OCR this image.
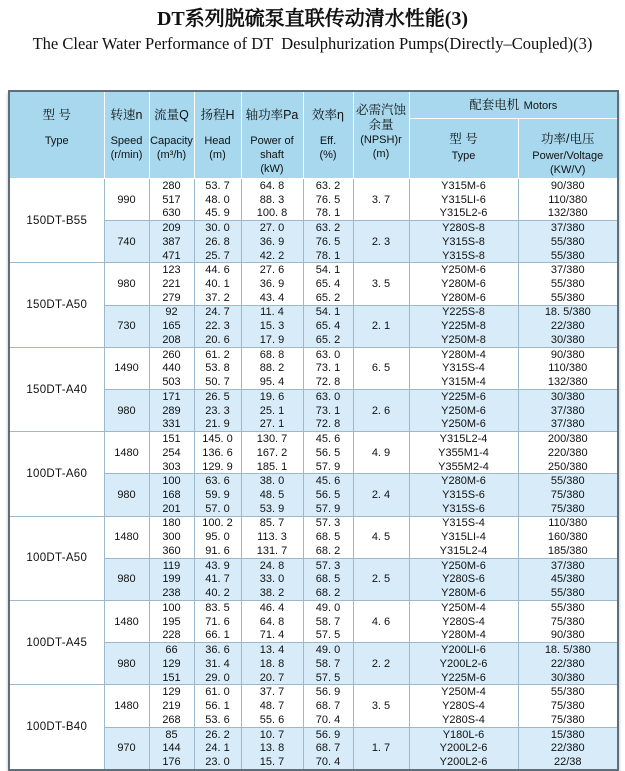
DT系列脱硫泵直联传动清水性能(3)
The Clear Water Performance of DT  Desulphurization Pumps(Directly–Coupled)(3)
型 号
Type

转速n
Speed
(r/min)

流量Q
Capacity
(m³/h)

扬程H
Head
(m)

轴功率Pa
Power of
shaft
(kW)

效率η
Eff.
(%)

必需汽蚀
余量
(NPSH)r
(m)
	配套电机 Motors

型 号
Type

功率/电压
Power/Voltage
(KW/V)

150DT-B55	990	280	53. 7	64. 8	63. 2	3. 7	Y315M-6	90/380
		517	48. 0	88. 3	76. 5		Y315LI-6	110/380
		630	45. 9	100. 8	78. 1		Y315L2-6	132/380
	740	209	30. 0	27. 0	63. 2	2. 3	Y280S-8	37/380
		387	26. 8	36. 9	76. 5		Y315S-8	55/380
		471	25. 7	42. 2	78. 1		Y315S-8	55/380
150DT-A50	980	123	44. 6	27. 6	54. 1	3. 5	Y250M-6	37/380
		221	40. 1	36. 9	65. 4		Y280M-6	55/380
		279	37. 2	43. 4	65. 2		Y280M-6	55/380
	730	92	24. 7	11. 4	54. 1	2. 1	Y225S-8	18. 5/380
		165	22. 3	15. 3	65. 4		Y225M-8	22/380
		208	20. 6	17. 9	65. 2		Y250M-8	30/380
150DT-A40	1490	260	61. 2	68. 8	63. 0	6. 5	Y280M-4	90/380
		440	53. 8	88. 2	73. 1		Y315S-4	110/380
		503	50. 7	95. 4	72. 8		Y315M-4	132/380
	980	171	26. 5	19. 6	63. 0	2. 6	Y225M-6	30/380
		289	23. 3	25. 1	73. 1		Y250M-6	37/380
		331	21. 9	27. 1	72. 8		Y250M-6	37/380
100DT-A60	1480	151	145. 0	130. 7	45. 6	4. 9	Y315L2-4	200/380
		254	136. 6	167. 2	56. 5		Y355M1-4	220/380
		303	129. 9	185. 1	57. 9		Y355M2-4	250/380
	980	100	63. 6	38. 0	45. 6	2. 4	Y280M-6	55/380
		168	59. 9	48. 5	56. 5		Y315S-6	75/380
		201	57. 0	53. 9	57. 9		Y315S-6	75/380
100DT-A50	1480	180	100. 2	85. 7	57. 3	4. 5	Y315S-4	110/380
		300	95. 0	113. 3	68. 5		Y315LI-4	160/380
		360	91. 6	131. 7	68. 2		Y315L2-4	185/380
	980	119	43. 9	24. 8	57. 3	2. 5	Y250M-6	37/380
		199	41. 7	33. 0	68. 5		Y280S-6	45/380
		238	40. 2	38. 2	68. 2		Y280M-6	55/380
100DT-A45	1480	100	83. 5	46. 4	49. 0	4. 6	Y250M-4	55/380
		195	71. 6	64. 8	58. 7		Y280S-4	75/380
		228	66. 1	71. 4	57. 5		Y280M-4	90/380
	980	66	36. 6	13. 4	49. 0	2. 2	Y200LI-6	18. 5/380
		129	31. 4	18. 8	58. 7		Y200L2-6	22/380
		151	29. 0	20. 7	57. 5		Y225M-6	30/380
100DT-B40	1480	129	61. 0	37. 7	56. 9	3. 5	Y250M-4	55/380
		219	56. 1	48. 7	68. 7		Y280S-4	75/380
		268	53. 6	55. 6	70. 4		Y280S-4	75/380
	970	85	26. 2	10. 7	56. 9	1. 7	Y180L-6	15/380
		144	24. 1	13. 8	68. 7		Y200L2-6	22/380
		176	23. 0	15. 7	70. 4		Y200L2-6	22/38
